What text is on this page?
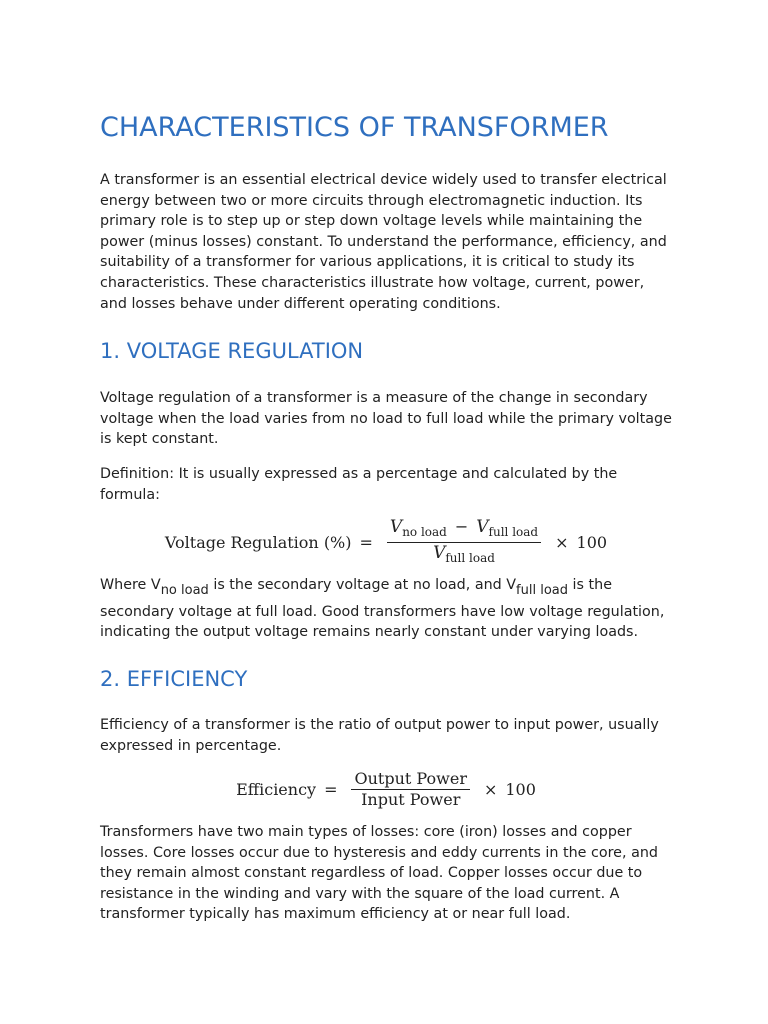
CHARACTERISTICS OF TRANSFORMER

A transformer is an essential electrical device widely used to transfer electrical energy between two or more circuits through electromagnetic induction. Its primary role is to step up or step down voltage levels while maintaining the power (minus losses) constant. To understand the performance, efficiency, and suitability of a transformer for various applications, it is critical to study its characteristics. These characteristics illustrate how voltage, current, power, and losses behave under different operating conditions.

1. VOLTAGE REGULATION

Voltage regulation of a transformer is a measure of the change in secondary voltage when the load varies from no load to full load while the primary voltage is kept constant.

Definition: It is usually expressed as a percentage and calculated by the formula:

Voltage Regulation (%) = $\frac{V_{no load} - V_{full load}}{V_{full load}} \times 100$

Where Vno load is the secondary voltage at no load, and Vfull load is the secondary voltage at full load. Good transformers have low voltage regulation, indicating the output voltage remains nearly constant under varying loads.

2. EFFICIENCY

Efficiency of a transformer is the ratio of output power to input power, usually expressed in percentage.

Efficiency = $\frac{\text{Output Power}}{\text{Input Power}} \times 100$

Transformers have two main types of losses: core (iron) losses and copper losses. Core losses occur due to hysteresis and eddy currents in the core, and they remain almost constant regardless of load. Copper losses occur due to resistance in the winding and vary with the square of the load current. A transformer typically has maximum efficiency at or near full load.
